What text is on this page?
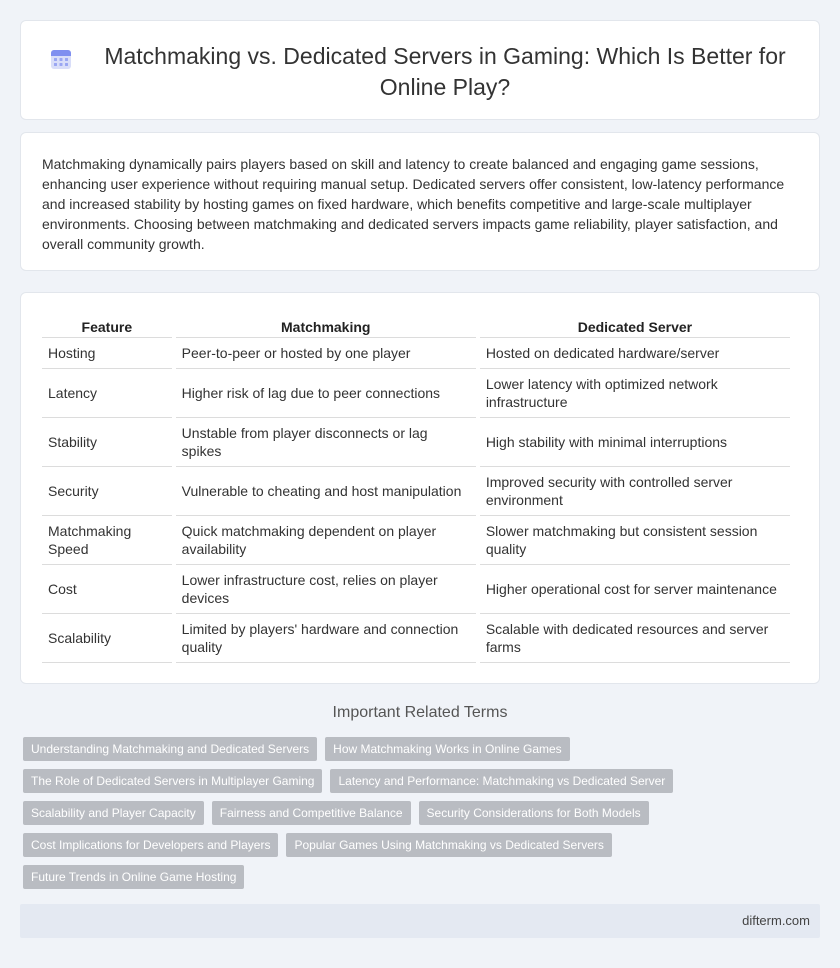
Matchmaking vs. Dedicated Servers in Gaming: Which Is Better for Online Play?

Matchmaking dynamically pairs players based on skill and latency to create balanced and engaging game sessions, enhancing user experience without requiring manual setup. Dedicated servers offer consistent, low-latency performance and increased stability by hosting games on fixed hardware, which benefits competitive and large-scale multiplayer environments. Choosing between matchmaking and dedicated servers impacts game reliability, player satisfaction, and overall community growth.

Feature	Matchmaking	Dedicated Server
Hosting	Peer-to-peer or hosted by one player	Hosted on dedicated hardware/server
Latency	Higher risk of lag due to peer connections	Lower latency with optimized network infrastructure
Stability	Unstable from player disconnects or lag spikes	High stability with minimal interruptions
Security	Vulnerable to cheating and host manipulation	Improved security with controlled server environment
Matchmaking Speed	Quick matchmaking dependent on player availability	Slower matchmaking but consistent session quality
Cost	Lower infrastructure cost, relies on player devices	Higher operational cost for server maintenance
Scalability	Limited by players' hardware and connection quality	Scalable with dedicated resources and server farms
Important Related Terms
Understanding Matchmaking and Dedicated Servers	How Matchmaking Works in Online Games
The Role of Dedicated Servers in Multiplayer Gaming	Latency and Performance: Matchmaking vs Dedicated Server
Scalability and Player Capacity	Fairness and Competitive Balance	Security Considerations for Both Models
Cost Implications for Developers and Players	Popular Games Using Matchmaking vs Dedicated Servers
Future Trends in Online Game Hosting
difterm.com
